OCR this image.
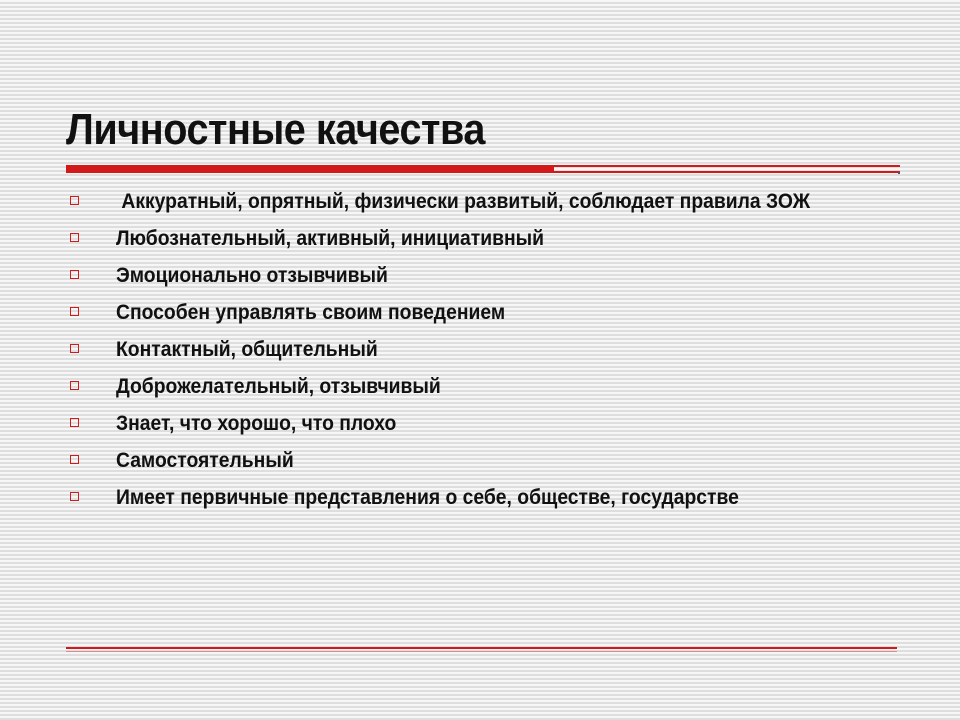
Личностные качества
Аккуратный, опрятный, физически развитый, соблюдает правила ЗОЖ
Любознательный, активный, инициативный
Эмоционально отзывчивый
Способен управлять своим поведением
Контактный, общительный
Доброжелательный, отзывчивый
Знает, что хорошо, что плохо
Самостоятельный
Имеет первичные представления о себе, обществе, государстве
